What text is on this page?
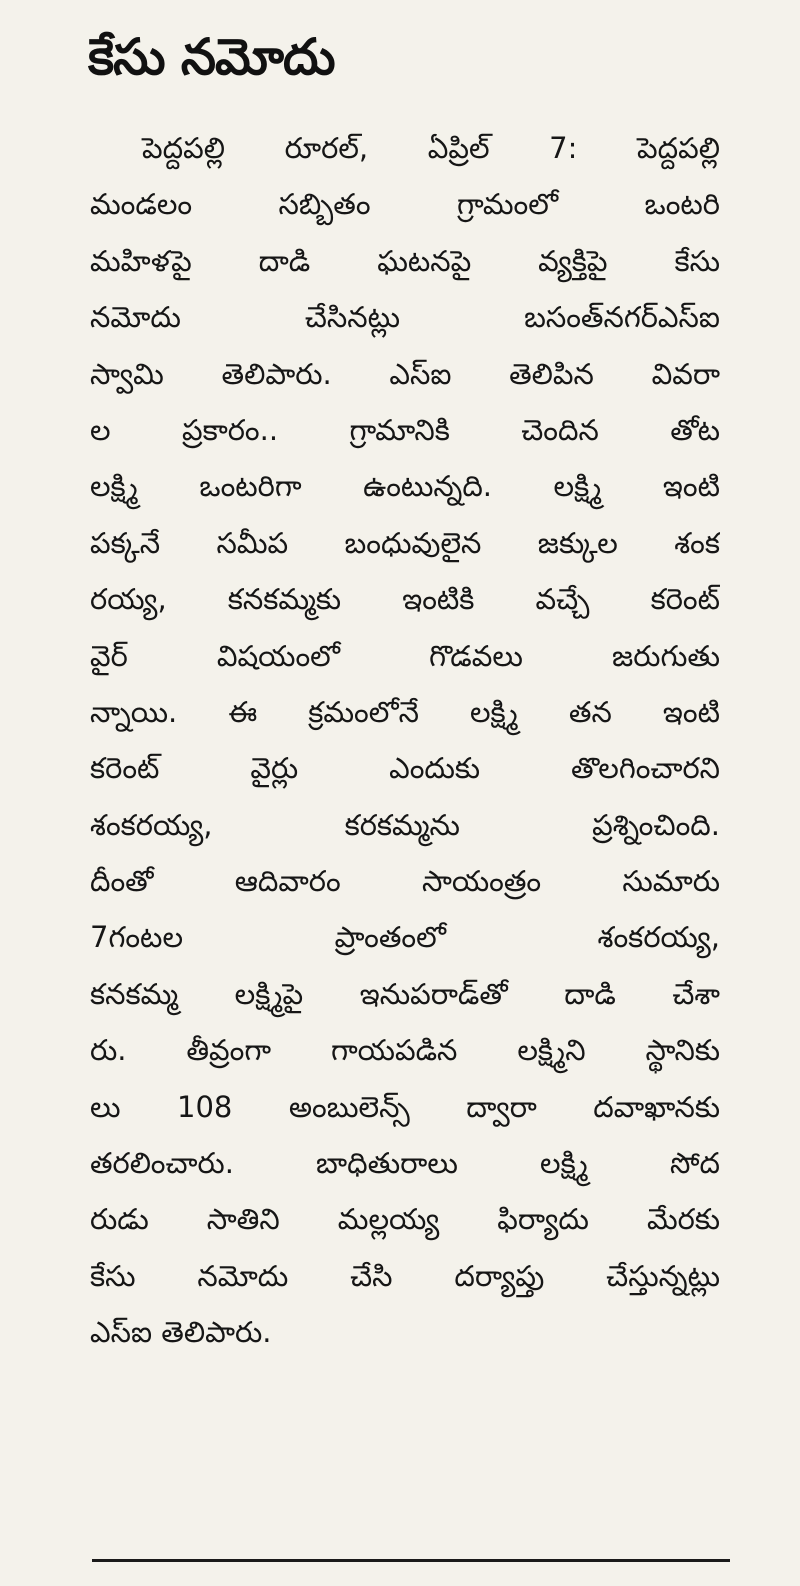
కేసు నమోదు
పెద్దపల్లి రూరల్, ఏప్రిల్ 7: పెద్దపల్లి
మండలం సబ్బితం గ్రామంలో ఒంటరి
మహిళపై దాడి ఘటనపై వ్యక్తిపై కేసు
నమోదు చేసినట్లు బసంత్‌నగర్‌ఎస్‌ఐ
స్వామి తెలిపారు. ఎస్‌ఐ తెలిపిన వివరా
ల ప్రకారం.. గ్రామానికి చెందిన తోట
లక్ష్మి ఒంటరిగా ఉంటున్నది. లక్ష్మి ఇంటి
పక్కనే సమీప బంధువులైన జక్కుల శంక
రయ్య, కనకమ్మకు ఇంటికి వచ్చే కరెంట్
వైర్ విషయంలో గొడవలు జరుగుతు
న్నాయి. ఈ క్రమంలోనే లక్ష్మి తన ఇంటి
కరెంట్ వైర్లు ఎందుకు తొలగించారని
శంకరయ్య, కరకమ్మను ప్రశ్నించింది.
దీంతో ఆదివారం సాయంత్రం సుమారు
7గంటల ప్రాంతంలో శంకరయ్య,
కనకమ్మ లక్ష్మిపై ఇనుపరాడ్‌తో దాడి చేశా
రు. తీవ్రంగా గాయపడిన లక్ష్మిని స్థానికు
లు 108 అంబులెన్స్ ద్వారా దవాఖానకు
తరలించారు. బాధితురాలు లక్ష్మి సోద
రుడు సాతిని మల్లయ్య ఫిర్యాదు మేరకు
కేసు నమోదు చేసి దర్యాప్తు చేస్తున్నట్లు
ఎస్‌ఐ తెలిపారు.
